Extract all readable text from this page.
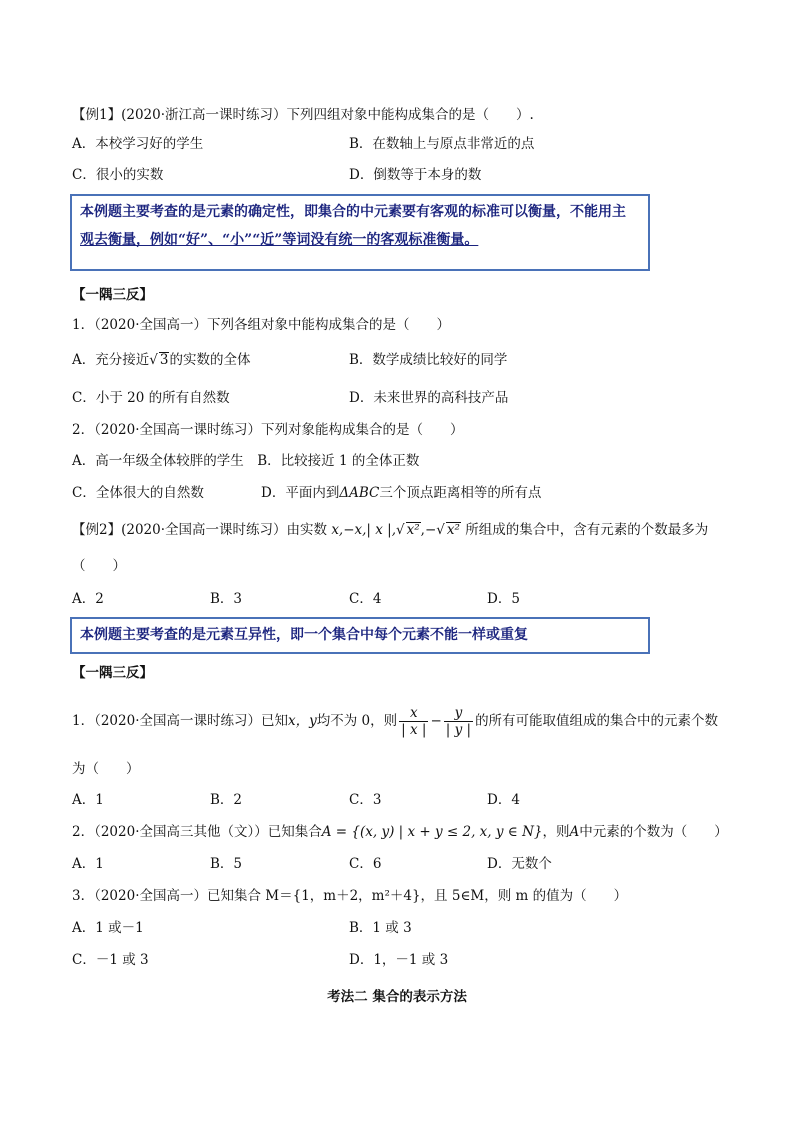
【例1】(2020·浙江高一课时练习）下列四组对象中能构成集合的是（　　）.
A．本校学习好的学生	B．在数轴上与原点非常近的点
C．很小的实数	D．倒数等于本身的数
本例题主要考查的是元素的确定性，即集合的中元素要有客观的标准可以衡量，不能用主
观去衡量，例如“好”、“小”“近”等词没有统一的客观标准衡量。
【一隅三反】
1．（2020·全国高一）下列各组对象中能构成集合的是（　　）
A．充分接近√ 3的实数的全体	B．数学成绩比较好的同学
C．小于 20 的所有自然数	D．未来世界的高科技产品
2．（2020·全国高一课时练习）下列对象能构成集合的是（　　）
A．高一年级全体较胖的学生　B．比较接近 1 的全体正数
C．全体很大的自然数	D．平面内到ΔABC三个顶点距离相等的所有点
【例2】(2020·全国高一课时练习）由实数 x,−x,| x |,√ x²,−√ x² 所组成的集合中，含有元素的个数最多为
（　　）
A．2	B．3	C．4	D．5
本例题主要考查的是元素互异性，即一个集合中每个元素不能一样或重复
【一隅三反】
1．（2020·全国高一课时练习）已知x，y均不为 0，则 $\frac{x}{| x |} - \frac{y}{| y |}$ 的所有可能取值组成的集合中的元素个数
为（　　）
A．1	B．2	C．3	D．4
2．（2020·全国高三其他（文））已知集合A = {(x, y) | x + y ≤ 2, x, y ∈ N}，则A中元素的个数为（　　）
A．1	B．5	C．6	D．无数个
3．（2020·全国高一）已知集合 M＝{1，m＋2，m²＋4}，且 5∈M，则 m 的值为（　　）
A．1 或－1	B．1 或 3
C．－1 或 3	D．1，－1 或 3
考法二 集合的表示方法
